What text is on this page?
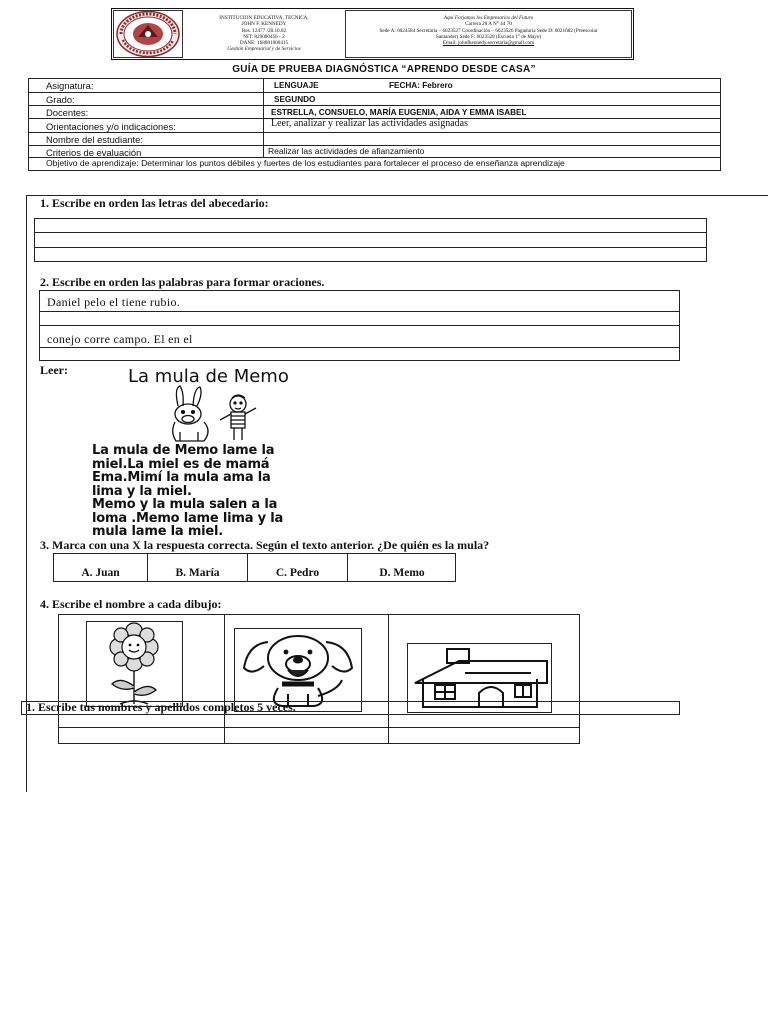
INSTITUCION EDUCATIVA, TECNICA,
JOHN F. KENNEDY
Res. 12477 /28.10.02
NIT: 829000456 - 2
DANE: 168081000415
Gestión Empresarial y de Servicios
Aquí Forjamos los Empresarios del Futuro
Carrera 28 A N° 44 70
Sede A: 6024584 Secretaria – 6023527 Coordinación – 6023526 Pagaduría Sede D: 6021682 (Preescolar
Santander) Sede F: 6023528 (Escuela 1° de Mayo)
Email: johnfkennedy.secretaria@gmail.com
GUÍA DE PRUEBA DIAGNÓSTICA “APRENDO DESDE CASA”
Asignatura:	LENGUAJE	FECHA: Febrero
Grado:	SEGUNDO
Docentes:	ESTRELLA, CONSUELO, MARÍA EUGENIA, AIDA Y EMMA ISABEL
Orientaciones y/o indicaciones:	Leer, analizar y realizar las actividades asignadas
Nombre del estudiante:
Criterios de evaluación	Realizar las actividades de afianzamiento
Objetivo de aprendizaje: Determinar los puntos débiles y fuertes de los estudiantes para fortalecer el proceso de enseñanza aprendizaje
1. Escribe en orden las letras del abecedario:
2. Escribe en orden las palabras para formar oraciones.
Daniel pelo el tiene rubio.
conejo corre campo. El en el
Leer:	La mula de Memo
La mula de Memo lame la
miel.La miel es de mamá
Ema.Mimí la mula ama la
lima y la miel.
Memo y la mula salen a la
loma .Memo lame lima y la
mula lame la miel.
3. Marca con una X la respuesta correcta. Según el texto anterior. ¿De quién es la mula?
A. Juan	B. María	C. Pedro	D. Memo
4. Escribe el nombre a cada dibujo:
1. Escribe tus nombres y apellidos completos 5 veces.
